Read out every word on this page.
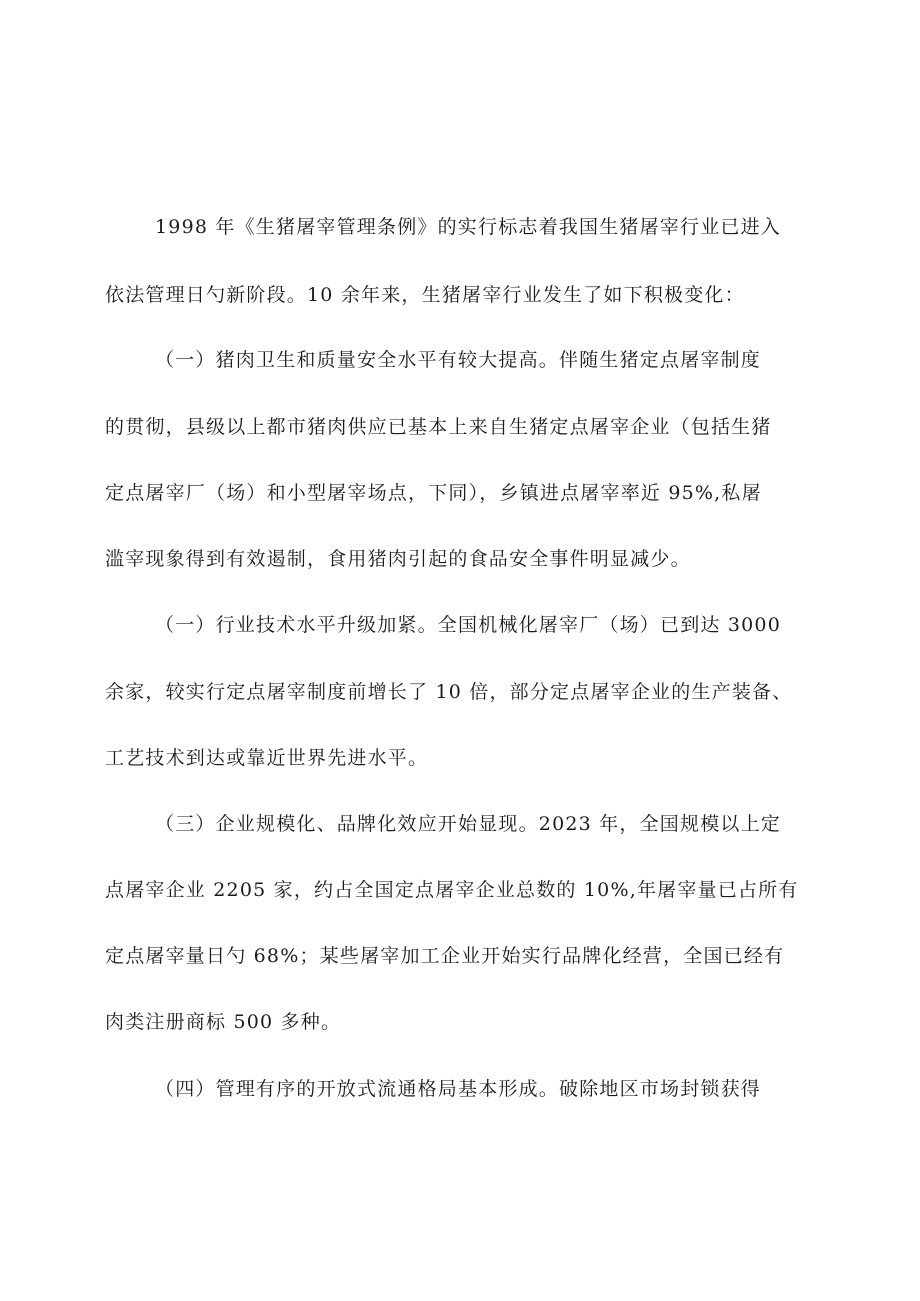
1998 年《生猪屠宰管理条例》的实行标志着我国生猪屠宰行业已进入
依法管理日勺新阶段。10 余年来，生猪屠宰行业发生了如下积极变化：
（一）猪肉卫生和质量安全水平有较大提高。伴随生猪定点屠宰制度
的贯彻，县级以上都市猪肉供应已基本上来自生猪定点屠宰企业（包括生猪
定点屠宰厂（场）和小型屠宰场点，下同），乡镇进点屠宰率近 95%,私屠
滥宰现象得到有效遏制，食用猪肉引起的食品安全事件明显减少。
（一）行业技术水平升级加紧。全国机械化屠宰厂（场）已到达 3000
余家，较实行定点屠宰制度前增长了 10 倍，部分定点屠宰企业的生产装备、
工艺技术到达或靠近世界先进水平。
（三）企业规模化、品牌化效应开始显现。2023 年，全国规模以上定
点屠宰企业 2205 家，约占全国定点屠宰企业总数的 10%,年屠宰量已占所有
定点屠宰量日勺 68%；某些屠宰加工企业开始实行品牌化经营，全国已经有
肉类注册商标 500 多种。
（四）管理有序的开放式流通格局基本形成。破除地区市场封锁获得
